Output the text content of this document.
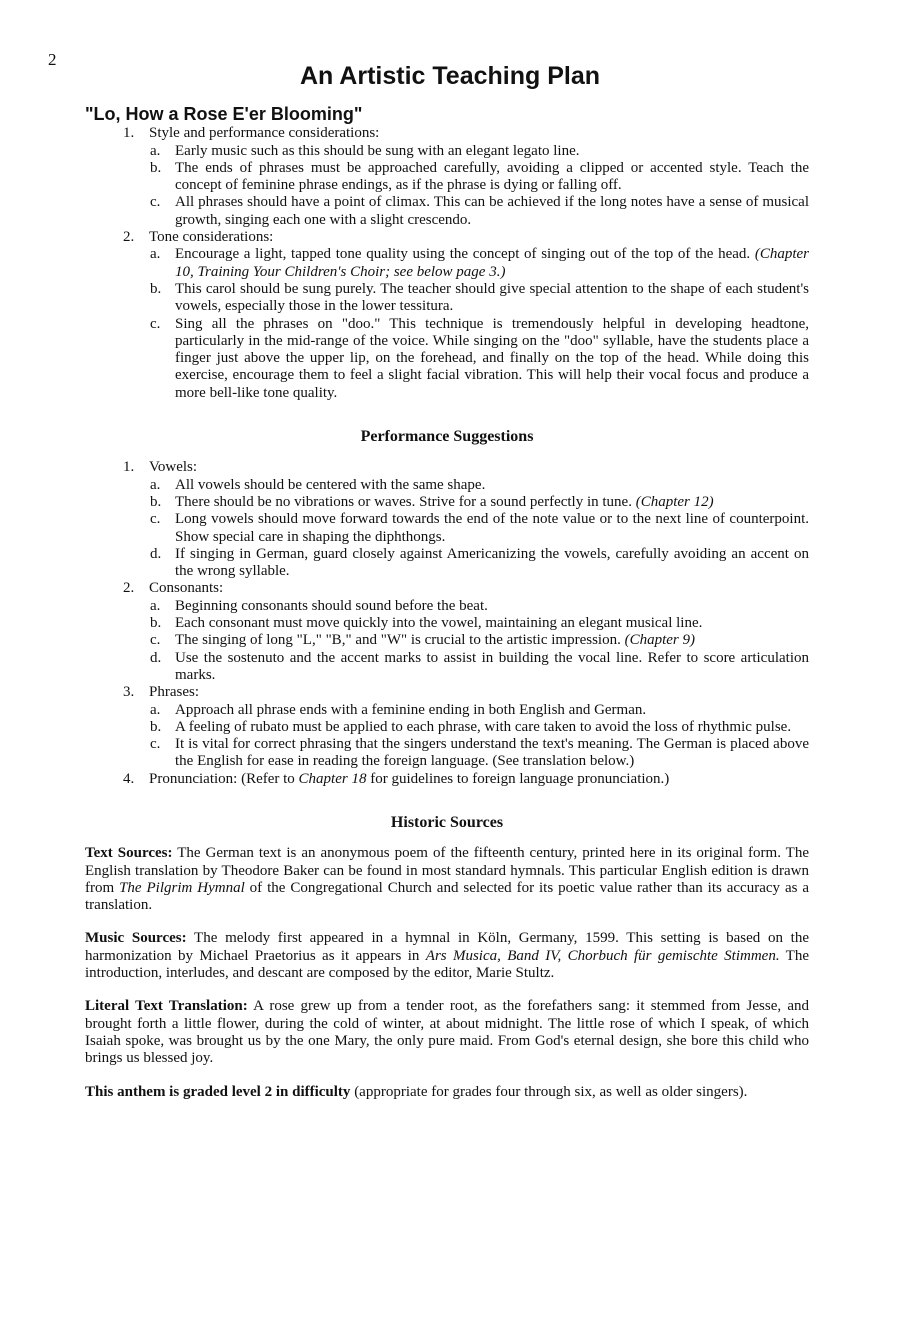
2
An Artistic Teaching Plan
"Lo, How a Rose E'er Blooming"
1. Style and performance considerations:
a. Early music such as this should be sung with an elegant legato line.
b. The ends of phrases must be approached carefully, avoiding a clipped or accented style. Teach the concept of feminine phrase endings, as if the phrase is dying or falling off.
c. All phrases should have a point of climax. This can be achieved if the long notes have a sense of musical growth, singing each one with a slight crescendo.
2. Tone considerations:
a. Encourage a light, tapped tone quality using the concept of singing out of the top of the head. (Chapter 10, Training Your Children's Choir; see below page 3.)
b. This carol should be sung purely. The teacher should give special attention to the shape of each student's vowels, especially those in the lower tessitura.
c. Sing all the phrases on "doo." This technique is tremendously helpful in developing headtone, particularly in the mid-range of the voice. While singing on the "doo" syllable, have the students place a finger just above the upper lip, on the forehead, and finally on the top of the head. While doing this exercise, encourage them to feel a slight facial vibration. This will help their vocal focus and produce a more bell-like tone quality.
Performance Suggestions
1. Vowels:
a. All vowels should be centered with the same shape.
b. There should be no vibrations or waves. Strive for a sound perfectly in tune. (Chapter 12)
c. Long vowels should move forward towards the end of the note value or to the next line of counterpoint. Show special care in shaping the diphthongs.
d. If singing in German, guard closely against Americanizing the vowels, carefully avoiding an accent on the wrong syllable.
2. Consonants:
a. Beginning consonants should sound before the beat.
b. Each consonant must move quickly into the vowel, maintaining an elegant musical line.
c. The singing of long "L," "B," and "W" is crucial to the artistic impression. (Chapter 9)
d. Use the sostenuto and the accent marks to assist in building the vocal line. Refer to score articulation marks.
3. Phrases:
a. Approach all phrase ends with a feminine ending in both English and German.
b. A feeling of rubato must be applied to each phrase, with care taken to avoid the loss of rhythmic pulse.
c. It is vital for correct phrasing that the singers understand the text's meaning. The German is placed above the English for ease in reading the foreign language. (See translation below.)
4. Pronunciation: (Refer to Chapter 18 for guidelines to foreign language pronunciation.)
Historic Sources

Text Sources: The German text is an anonymous poem of the fifteenth century, printed here in its original form. The English translation by Theodore Baker can be found in most standard hymnals. This particular English edition is drawn from The Pilgrim Hymnal of the Congregational Church and selected for its poetic value rather than its accuracy as a translation.

Music Sources: The melody first appeared in a hymnal in Köln, Germany, 1599. This setting is based on the harmonization by Michael Praetorius as it appears in Ars Musica, Band IV, Chorbuch für gemischte Stimmen. The introduction, interludes, and descant are composed by the editor, Marie Stultz.

Literal Text Translation: A rose grew up from a tender root, as the forefathers sang: it stemmed from Jesse, and brought forth a little flower, during the cold of winter, at about midnight. The little rose of which I speak, of which Isaiah spoke, was brought us by the one Mary, the only pure maid. From God's eternal design, she bore this child who brings us blessed joy.

This anthem is graded level 2 in difficulty (appropriate for grades four through six, as well as older singers).
